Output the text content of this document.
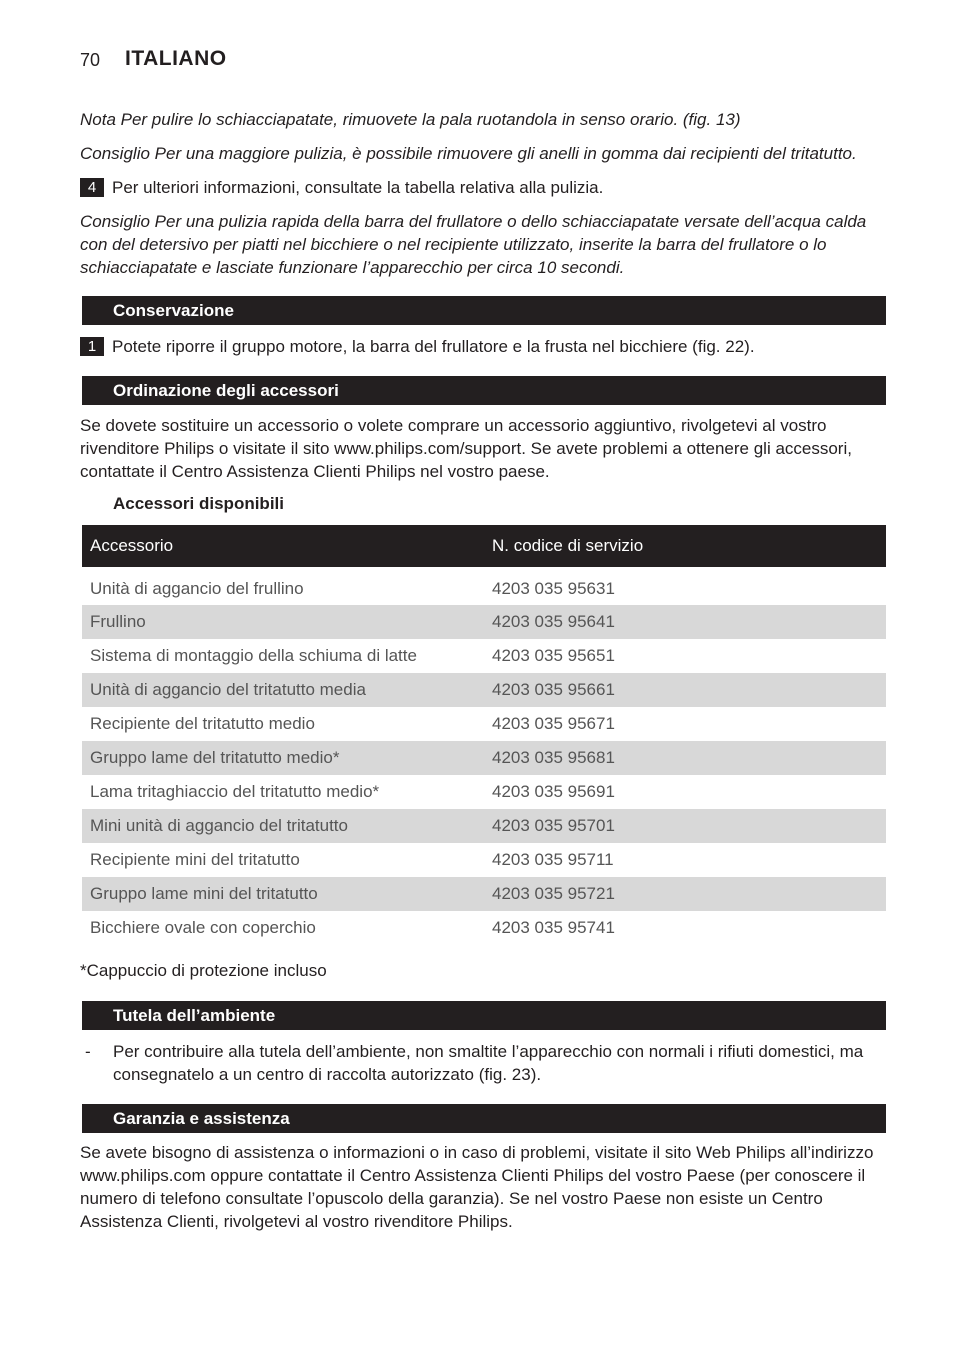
70 ITALIANO
Nota Per pulire lo schiacciapatate, rimuovete la pala ruotandola in senso orario. (fig. 13)
Consiglio Per una maggiore pulizia, è possibile rimuovere gli anelli in gomma dai recipienti del tritatutto.
4 Per ulteriori informazioni, consultate la tabella relativa alla pulizia.
Consiglio Per una pulizia rapida della barra del frullatore o dello schiacciapatate versate dell’acqua calda con del detersivo per piatti nel bicchiere o nel recipiente utilizzato, inserite la barra del frullatore o lo schiacciapatate e lasciate funzionare l’apparecchio per circa 10 secondi.
Conservazione
1 Potete riporre il gruppo motore, la barra del frullatore e la frusta nel bicchiere (fig. 22).
Ordinazione degli accessori
Se dovete sostituire un accessorio o volete comprare un accessorio aggiuntivo, rivolgetevi al vostro rivenditore Philips o visitate il sito www.philips.com/support. Se avete problemi a ottenere gli accessori, contattate il Centro Assistenza Clienti Philips nel vostro paese.
Accessori disponibili
Accessorio	N. codice di servizio
Unità di aggancio del frullino	4203 035 95631
Frullino	4203 035 95641
Sistema di montaggio della schiuma di latte	4203 035 95651
Unità di aggancio del tritatutto media	4203 035 95661
Recipiente del tritatutto medio	4203 035 95671
Gruppo lame del tritatutto medio*	4203 035 95681
Lama tritaghiaccio del tritatutto medio*	4203 035 95691
Mini unità di aggancio del tritatutto	4203 035 95701
Recipiente mini del tritatutto	4203 035 95711
Gruppo lame mini del tritatutto	4203 035 95721
Bicchiere ovale con coperchio	4203 035 95741
*Cappuccio di protezione incluso
Tutela dell’ambiente
- Per contribuire alla tutela dell’ambiente, non smaltite l’apparecchio con normali i rifiuti domestici, ma consegnatelo a un centro di raccolta autorizzato (fig. 23).
Garanzia e assistenza
Se avete bisogno di assistenza o informazioni o in caso di problemi, visitate il sito Web Philips all’indirizzo www.philips.com oppure contattate il Centro Assistenza Clienti Philips del vostro Paese (per conoscere il numero di telefono consultate l’opuscolo della garanzia). Se nel vostro Paese non esiste un Centro Assistenza Clienti, rivolgetevi al vostro rivenditore Philips.
